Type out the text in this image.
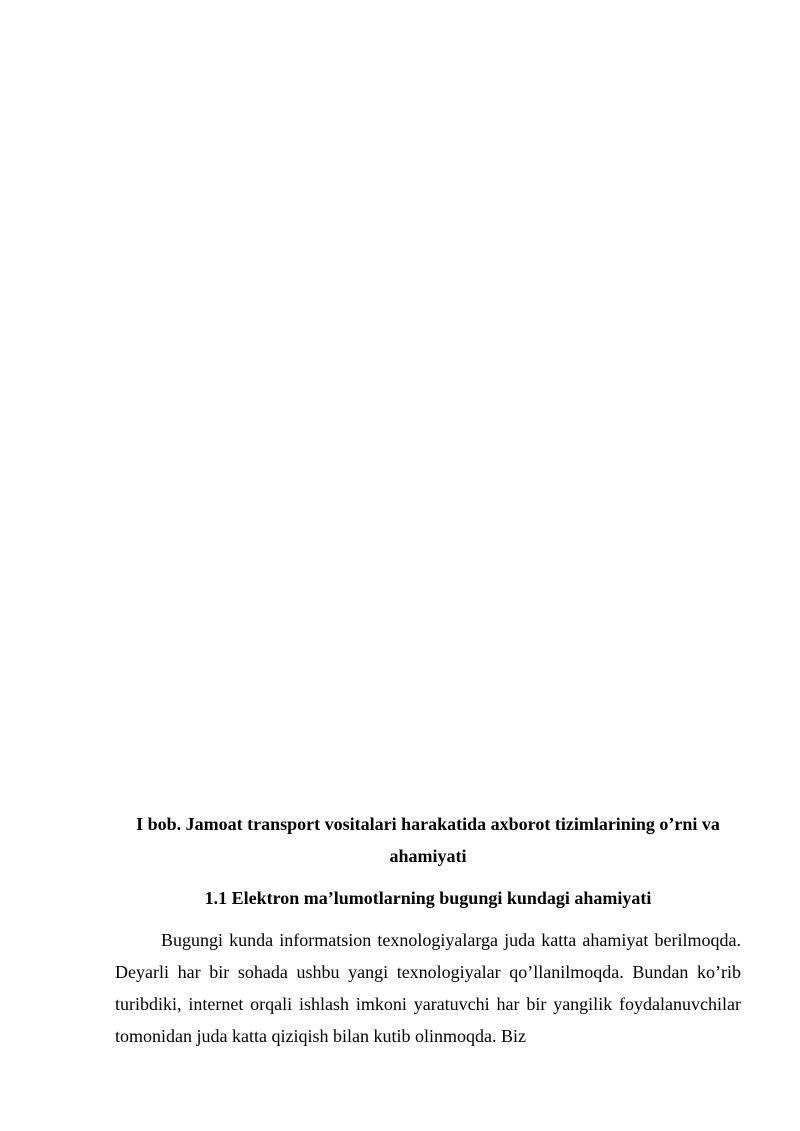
I bob. Jamoat transport vositalari harakatida axborot tizimlarining o’rni va ahamiyati
1.1 Elektron ma’lumotlarning bugungi kundagi ahamiyati

Bugungi kunda informatsion texnologiyalarga juda katta ahamiyat berilmoqda. Deyarli har bir sohada ushbu yangi texnologiyalar qo’llanilmoqda. Bundan ko’rib turibdiki, internet orqali ishlash imkoni yaratuvchi har bir yangilik foydalanuvchilar tomonidan juda katta qiziqish bilan kutib olinmoqda. Biz
